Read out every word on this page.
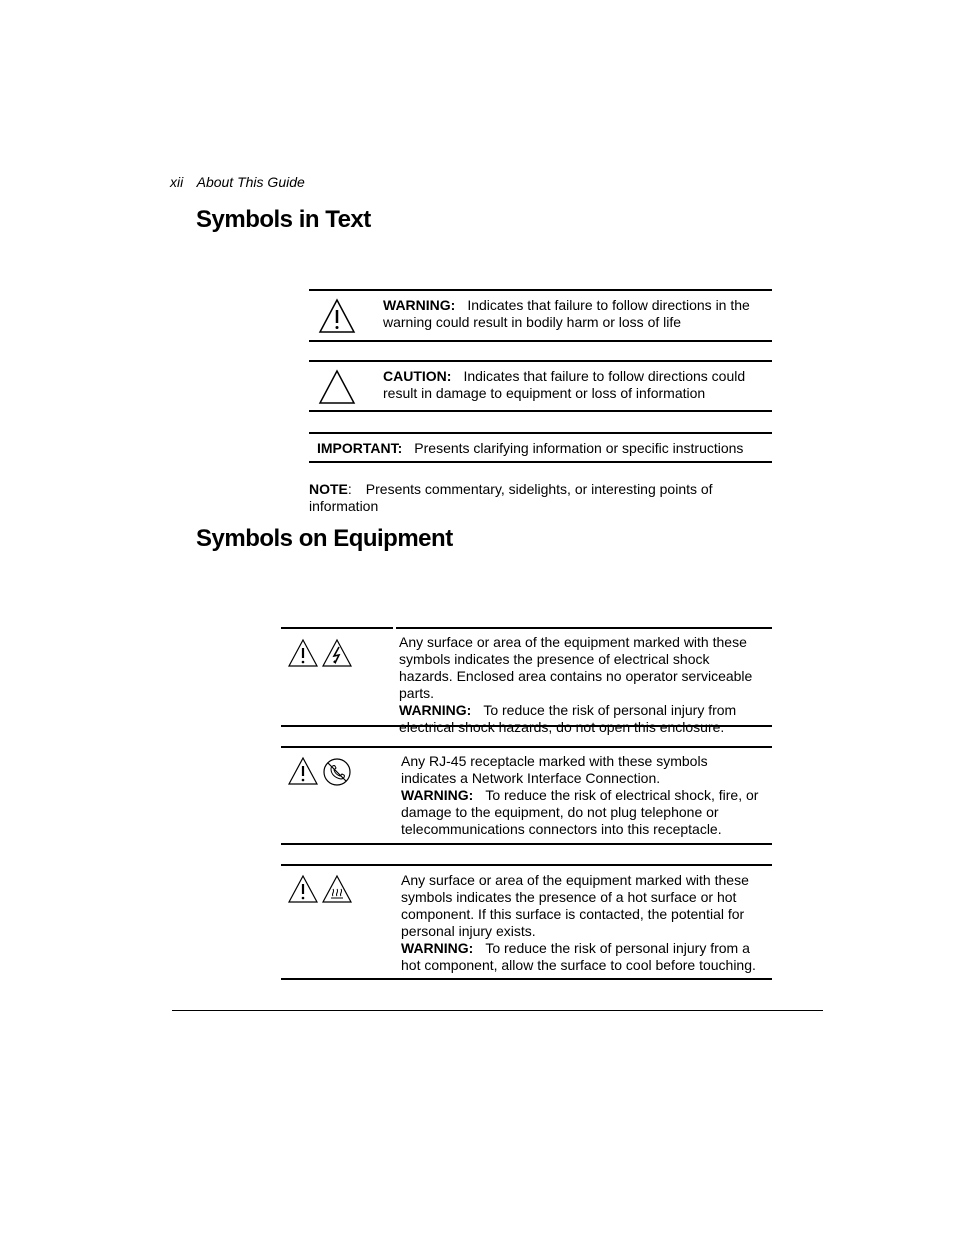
xii About This Guide
Symbols in Text
WARNING: Indicates that failure to follow directions in the warning could result in bodily harm or loss of life
CAUTION: Indicates that failure to follow directions could result in damage to equipment or loss of information
IMPORTANT: Presents clarifying information or specific instructions
NOTE: Presents commentary, sidelights, or interesting points of information
Symbols on Equipment
Any surface or area of the equipment marked with these symbols indicates the presence of electrical shock hazards. Enclosed area contains no operator serviceable parts.
WARNING: To reduce the risk of personal injury from electrical shock hazards, do not open this enclosure.
Any RJ-45 receptacle marked with these symbols indicates a Network Interface Connection.
WARNING: To reduce the risk of electrical shock, fire, or damage to the equipment, do not plug telephone or telecommunications connectors into this receptacle.
Any surface or area of the equipment marked with these symbols indicates the presence of a hot surface or hot component. If this surface is contacted, the potential for personal injury exists.
WARNING: To reduce the risk of personal injury from a hot component, allow the surface to cool before touching.
